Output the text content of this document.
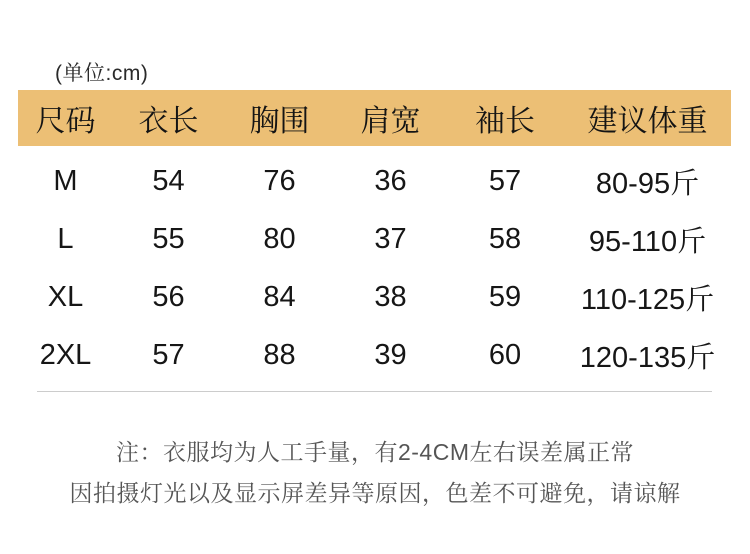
(单位:cm)
尺码	衣长	胸围	肩宽	袖长	建议体重
M	54	76	36	57	80-95斤
L	55	80	37	58	95-110斤
XL	56	84	38	59	110-125斤
2XL	57	88	39	60	120-135斤
注：衣服均为人工手量，有2-4CM左右误差属正常
因拍摄灯光以及显示屏差异等原因，色差不可避免，请谅解
